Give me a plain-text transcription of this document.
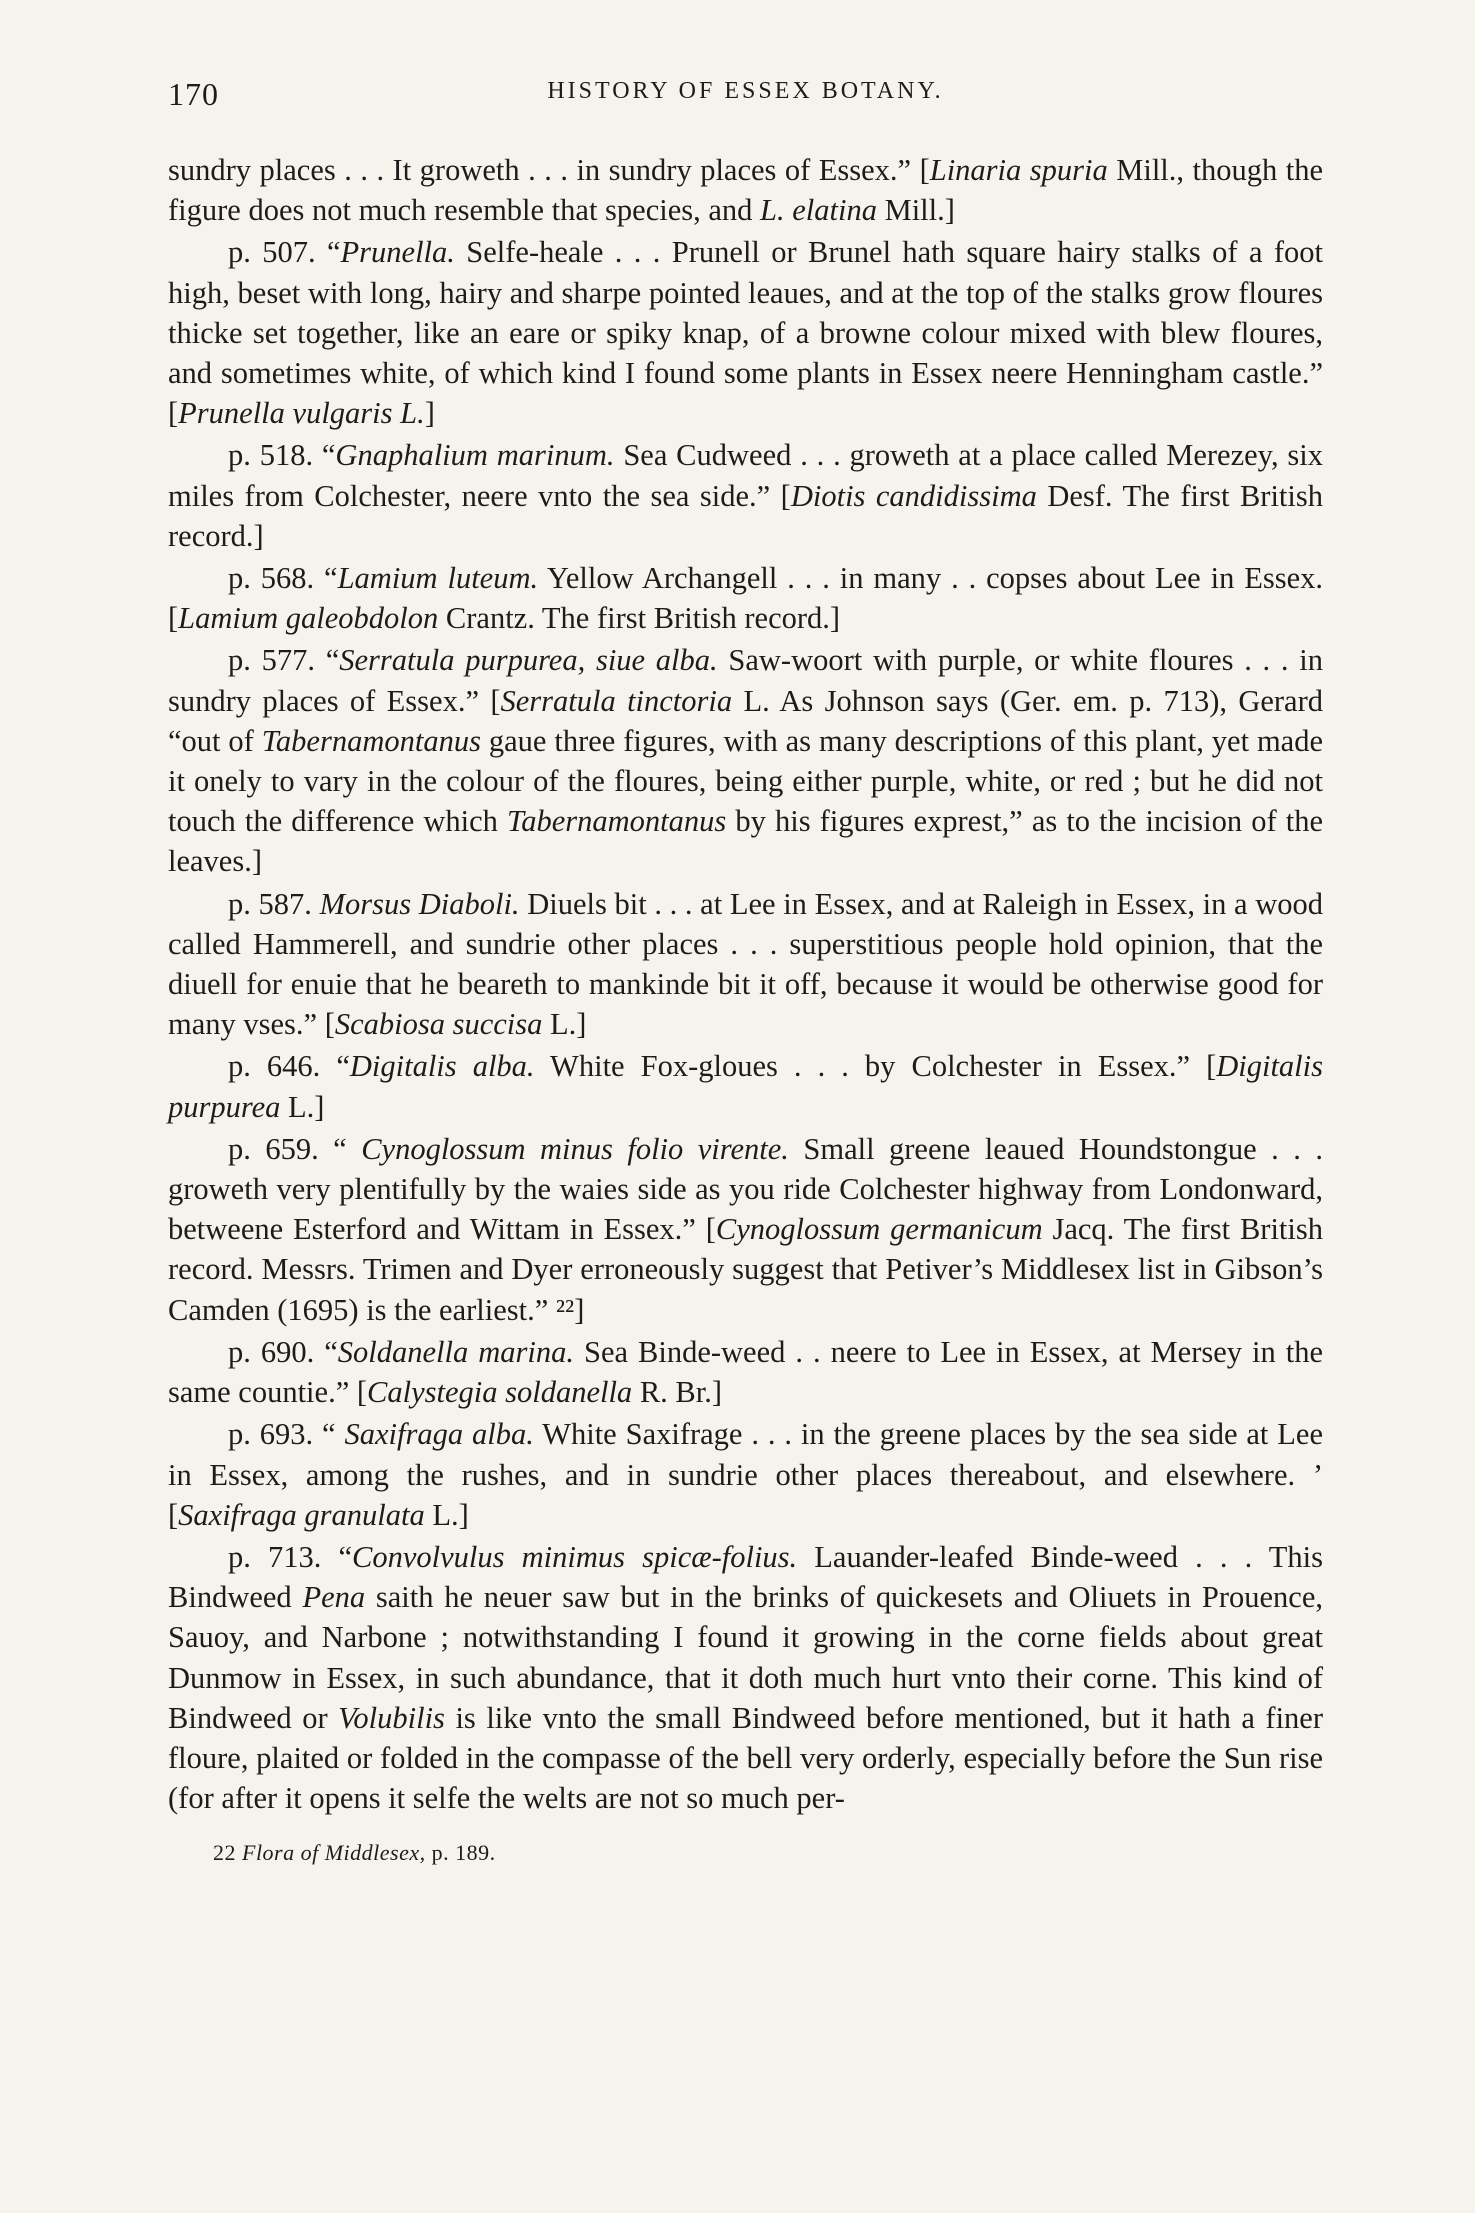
170	HISTORY OF ESSEX BOTANY.

sundry places . . . It groweth . . . in sundry places of Essex.” [Linaria spuria Mill., though the figure does not much resemble that species, and L. elatina Mill.]

p. 507. “Prunella. Selfe-heale . . . Prunell or Brunel hath square hairy stalks of a foot high, beset with long, hairy and sharpe pointed leaues, and at the top of the stalks grow floures thicke set together, like an eare or spiky knap, of a browne colour mixed with blew floures, and sometimes white, of which kind I found some plants in Essex neere Henningham castle.” [Prunella vulgaris L.]

p. 518. “Gnaphalium marinum. Sea Cudweed . . . groweth at a place called Merezey, six miles from Colchester, neere vnto the sea side.” [Diotis candidissima Desf. The first British record.]

p. 568. “Lamium luteum. Yellow Archangell . . . in many . . copses about Lee in Essex. [Lamium galeobdolon Crantz. The first British record.]

p. 577. “Serratula purpurea, siue alba. Saw-woort with purple, or white floures . . . in sundry places of Essex.” [Serratula tinctoria L. As Johnson says (Ger. em. p. 713), Gerard “out of Tabernamontanus gaue three figures, with as many descriptions of this plant, yet made it onely to vary in the colour of the floures, being either purple, white, or red ; but he did not touch the difference which Tabernamontanus by his figures exprest,” as to the incision of the leaves.]

p. 587. Morsus Diaboli. Diuels bit . . . at Lee in Essex, and at Raleigh in Essex, in a wood called Hammerell, and sundrie other places . . . superstitious people hold opinion, that the diuell for enuie that he beareth to mankinde bit it off, because it would be otherwise good for many vses.” [Scabiosa succisa L.]

p. 646. “Digitalis alba. White Fox-gloues . . . by Colchester in Essex.” [Digitalis purpurea L.]

p. 659. “ Cynoglossum minus folio virente. Small greene leaued Houndstongue . . . groweth very plentifully by the waies side as you ride Colchester highway from Londonward, betweene Esterford and Wittam in Essex.” [Cynoglossum germanicum Jacq. The first British record. Messrs. Trimen and Dyer erroneously suggest that Petiver’s Middlesex list in Gibson’s Camden (1695) is the earliest.” ²²]

p. 690. “Soldanella marina. Sea Binde-weed . . neere to Lee in Essex, at Mersey in the same countie.” [Calystegia soldanella R. Br.]

p. 693. “ Saxifraga alba. White Saxifrage . . . in the greene places by the sea side at Lee in Essex, among the rushes, and in sundrie other places thereabout, and elsewhere. ’ [Saxifraga granulata L.]

p. 713. “Convolvulus minimus spicæ-folius. Lauander-leafed Binde-weed . . . This Bindweed Pena saith he neuer saw but in the brinks of quickesets and Oliuets in Prouence, Sauoy, and Narbone ; notwithstanding I found it growing in the corne fields about great Dunmow in Essex, in such abundance, that it doth much hurt vnto their corne. This kind of Bindweed or Volubilis is like vnto the small Bindweed before mentioned, but it hath a finer floure, plaited or folded in the compasse of the bell very orderly, especially before the Sun rise (for after it opens it selfe the welts are not so much per-

22 Flora of Middlesex, p. 189.
